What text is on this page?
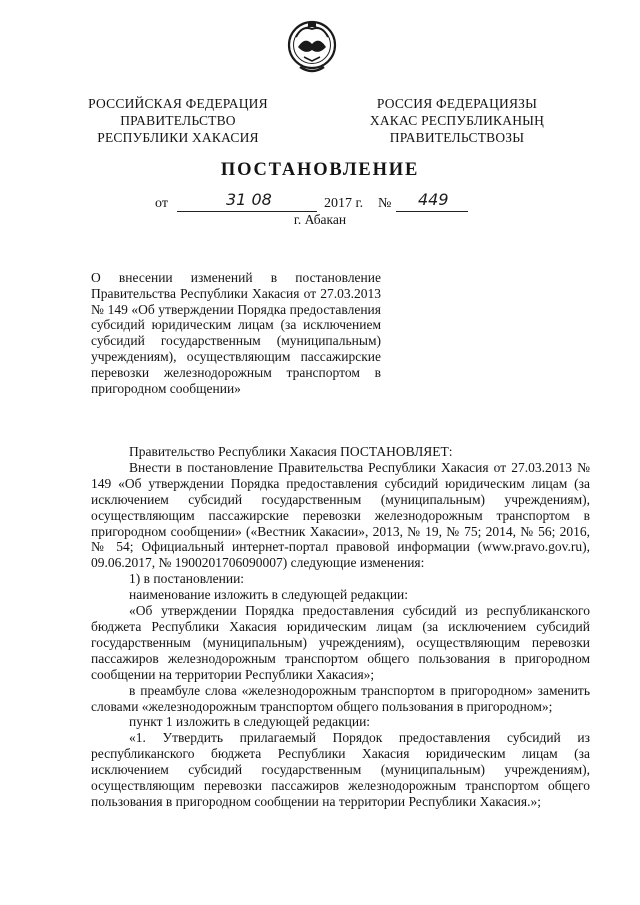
РОССИЙСКАЯ ФЕДЕРАЦИЯ
ПРАВИТЕЛЬСТВО
РЕСПУБЛИКИ ХАКАСИЯ
РОССИЯ ФЕДЕРАЦИЯЗЫ
ХАКАС РЕСПУБЛИКАНЫҢ
ПРАВИТЕЛЬСТВОЗЫ
ПОСТАНОВЛЕНИЕ
от	31 08	2017 г. № 449
г. Абакан
О внесении изменений в постановление Правительства Республики Хакасия от 27.03.2013 № 149 «Об утверждении Порядка предоставления субсидий юридическим лицам (за исключением субсидий государственным (муниципальным) учреждениям), осуществляющим пассажирские перевозки железнодорожным транспортом в пригородном сообщении»

Правительство Республики Хакасия ПОСТАНОВЛЯЕТ:

Внести в постановление Правительства Республики Хакасия от 27.03.2013 № 149 «Об утверждении Порядка предоставления субсидий юридическим лицам (за исключением субсидий государственным (муниципальным) учреждениям), осуществляющим пассажирские перевозки железнодорожным транспортом в пригородном сообщении» («Вестник Хакасии», 2013, № 19, № 75; 2014, № 56; 2016, № 54; Официальный интернет-портал правовой информации (www.pravo.gov.ru), 09.06.2017, № 1900201706090007) следующие изменения:

1) в постановлении:

наименование изложить в следующей редакции:

«Об утверждении Порядка предоставления субсидий из республиканского бюджета Республики Хакасия юридическим лицам (за исключением субсидий государственным (муниципальным) учреждениям), осуществляющим перевозки пассажиров железнодорожным транспортом общего пользования в пригородном сообщении на территории Республики Хакасия»;

в преамбуле слова «железнодорожным транспортом в пригородном» заменить словами «железнодорожным транспортом общего пользования в пригородном»;

пункт 1 изложить в следующей редакции:

«1. Утвердить прилагаемый Порядок предоставления субсидий из республиканского бюджета Республики Хакасия юридическим лицам (за исключением субсидий государственным (муниципальным) учреждениям), осуществляющим перевозки пассажиров железнодорожным транспортом общего пользования в пригородном сообщении на территории Республики Хакасия.»;
